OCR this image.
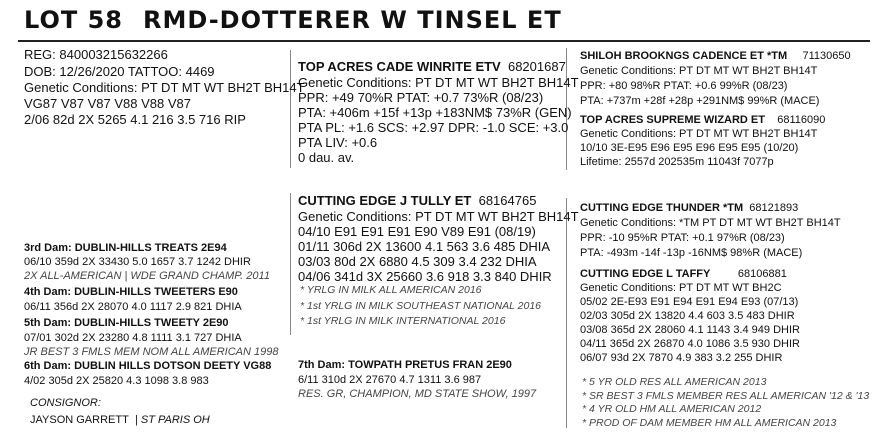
LOT 58 RMD-DOTTERER W TINSEL ET
REG: 840003215632266
DOB: 12/26/2020 TATTOO: 4469
Genetic Conditions: PT DT MT WT BH2T BH14T
VG87 V87 V87 V88 V88 V87
2/06 82d 2X 5265 4.1 216 3.5 716 RIP
TOP ACRES CADE WINRITE ETV 68201687
Genetic Conditions: PT DT MT WT BH2T BH14T
PPR: +49 70%R PTAT: +0.7 73%R (08/23)
PTA: +406m +15f +13p +183NM$ 73%R (GEN)
PTA PL: +1.6 SCS: +2.97 DPR: -1.0 SCE: +3.0
PTA LIV: +0.6
0 dau. av.
SHILOH BROOKNGS CADENCE ET *TM 71130650
Genetic Conditions: PT DT MT WT BH2T BH14T
PPR: +80 98%R PTAT: +0.6 99%R (08/23)
PTA: +737m +28f +28p +291NM$ 99%R (MACE)
TOP ACRES SUPREME WIZARD ET 68116090
Genetic Conditions: PT DT MT WT BH2T BH14T
10/10 3E-E95 E96 E95 E96 E95 E95 (10/20)
Lifetime: 2557d 202535m 11043f 7077p
CUTTING EDGE J TULLY ET 68164765
Genetic Conditions: PT DT MT WT BH2T BH14T
04/10 E91 E91 E91 E90 V89 E91 (08/19)
01/11 306d 2X 13600 4.1 563 3.6 485 DHIA
03/03 80d 2X 6880 4.5 309 3.4 232 DHIA
04/06 341d 3X 25660 3.6 918 3.3 840 DHIR
* YRLG IN MILK ALL AMERICAN 2016
* 1st YRLG IN MILK SOUTHEAST NATIONAL 2016
* 1st YRLG IN MILK INTERNATIONAL 2016
CUTTING EDGE THUNDER *TM 68121893
Genetic Conditions: *TM PT DT MT WT BH2T BH14T
PPR: -10 95%R PTAT: +0.1 97%R (08/23)
PTA: -493m -14f -13p -16NM$ 98%R (MACE)
CUTTING EDGE L TAFFY	68106881
Genetic Conditions: PT DT MT WT BH2C
05/02 2E-E93 E91 E94 E91 E94 E93 (07/13)
02/03 305d 2X 13820 4.4 603 3.5 483 DHIR
03/08 365d 2X 28060 4.1 1143 3.4 949 DHIR
04/11 365d 2X 26870 4.0 1086 3.5 930 DHIR
06/07 93d 2X 7870 4.9 383 3.2 255 DHIR
* 5 YR OLD RES ALL AMERICAN 2013
* SR BEST 3 FMLS MEMBER RES ALL AMERICAN '12 & '13
* 4 YR OLD HM ALL AMERICAN 2012
* PROD OF DAM MEMBER HM ALL AMERICAN 2013
3rd Dam: DUBLIN-HILLS TREATS 2E94
06/10 359d 2X 33430 5.0 1657 3.7 1242 DHIR
2X ALL-AMERICAN | WDE GRAND CHAMP. 2011
4th Dam: DUBLIN-HILLS TWEETERS E90
06/11 356d 2X 28070 4.0 1117 2.9 821 DHIA
5th Dam: DUBLIN-HILLS TWEETY 2E90
07/01 302d 2X 23280 4.8 1111 3.1 727 DHIA
JR BEST 3 FMLS MEM NOM ALL AMERICAN 1998
6th Dam: DUBLIN HILLS DOTSON DEETY VG88
4/02 305d 2X 25820 4.3 1098 3.8 983
7th Dam: TOWPATH PRETUS FRAN 2E90
6/11 310d 2X 27670 4.7 1311 3.6 987
RES. GR, CHAMPION, MD STATE SHOW, 1997
CONSIGNOR:
JAYSON GARRETT | ST PARIS OH
